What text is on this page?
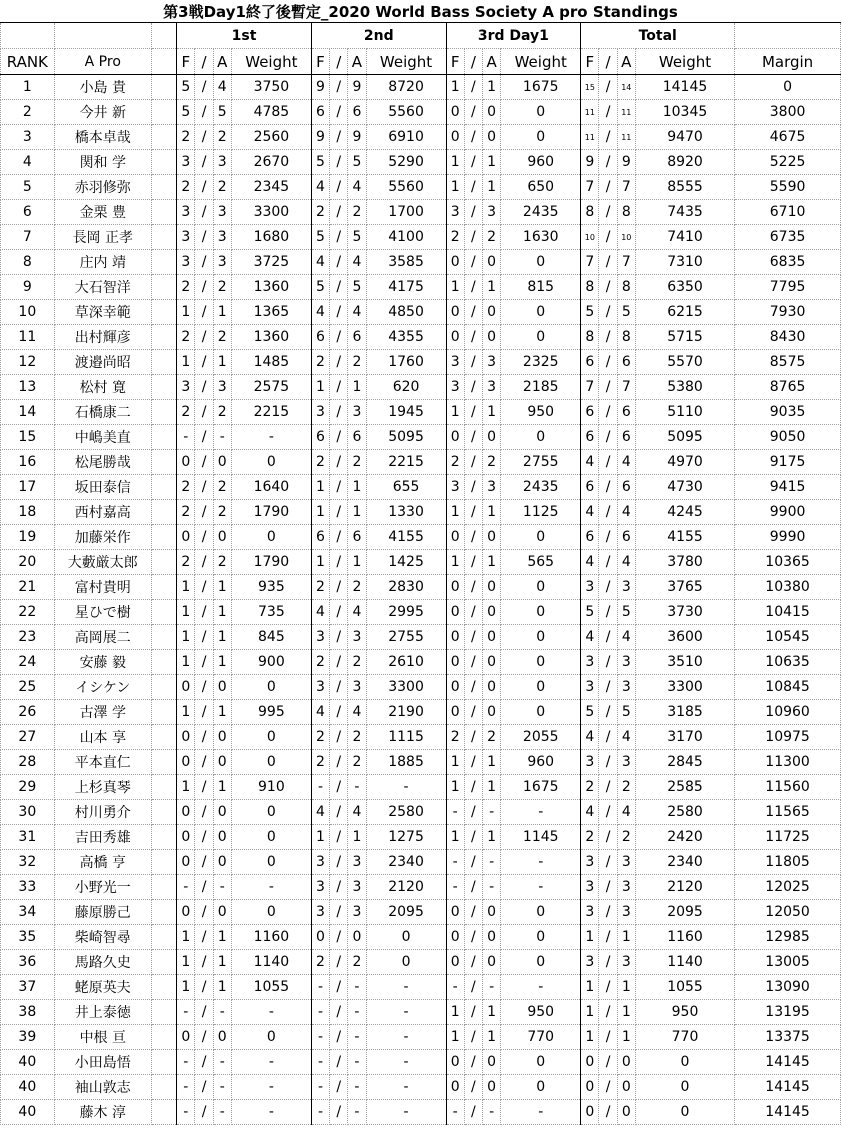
第3戦Day1終了後暫定_2020 World Bass Society A pro Standings																			
			1st				2nd				3rd Day1				Total				
RANK	A Pro		F	/	A	Weight	F	/	A	Weight	F	/	A	Weight	F	/	A	Weight	Margin
1	小島 貴		5	/	4	3750	9	/	9	8720	1	/	1	1675	15	/	14	14145	0
2	今井 新		5	/	5	4785	6	/	6	5560	0	/	0	0	11	/	11	10345	3800
3	橋本卓哉		2	/	2	2560	9	/	9	6910	0	/	0	0	11	/	11	9470	4675
4	関和 学		3	/	3	2670	5	/	5	5290	1	/	1	960	9	/	9	8920	5225
5	赤羽修弥		2	/	2	2345	4	/	4	5560	1	/	1	650	7	/	7	8555	5590
6	金栗 豊		3	/	3	3300	2	/	2	1700	3	/	3	2435	8	/	8	7435	6710
7	長岡 正孝		3	/	3	1680	5	/	5	4100	2	/	2	1630	10	/	10	7410	6735
8	庄内 靖		3	/	3	3725	4	/	4	3585	0	/	0	0	7	/	7	7310	6835
9	大石智洋		2	/	2	1360	5	/	5	4175	1	/	1	815	8	/	8	6350	7795
10	草深幸範		1	/	1	1365	4	/	4	4850	0	/	0	0	5	/	5	6215	7930
11	出村輝彦		2	/	2	1360	6	/	6	4355	0	/	0	0	8	/	8	5715	8430
12	渡邉尚昭		1	/	1	1485	2	/	2	1760	3	/	3	2325	6	/	6	5570	8575
13	松村 寛		3	/	3	2575	1	/	1	620	3	/	3	2185	7	/	7	5380	8765
14	石橋康二		2	/	2	2215	3	/	3	1945	1	/	1	950	6	/	6	5110	9035
15	中嶋美直		-	/	-	-	6	/	6	5095	0	/	0	0	6	/	6	5095	9050
16	松尾勝哉		0	/	0	0	2	/	2	2215	2	/	2	2755	4	/	4	4970	9175
17	坂田泰信		2	/	2	1640	1	/	1	655	3	/	3	2435	6	/	6	4730	9415
18	西村嘉高		2	/	2	1790	1	/	1	1330	1	/	1	1125	4	/	4	4245	9900
19	加藤栄作		0	/	0	0	6	/	6	4155	0	/	0	0	6	/	6	4155	9990
20	大藪厳太郎		2	/	2	1790	1	/	1	1425	1	/	1	565	4	/	4	3780	10365
21	富村貴明		1	/	1	935	2	/	2	2830	0	/	0	0	3	/	3	3765	10380
22	星ひで樹		1	/	1	735	4	/	4	2995	0	/	0	0	5	/	5	3730	10415
23	高岡展二		1	/	1	845	3	/	3	2755	0	/	0	0	4	/	4	3600	10545
24	安藤 毅		1	/	1	900	2	/	2	2610	0	/	0	0	3	/	3	3510	10635
25	イシケン		0	/	0	0	3	/	3	3300	0	/	0	0	3	/	3	3300	10845
26	古澤 学		1	/	1	995	4	/	4	2190	0	/	0	0	5	/	5	3185	10960
27	山本 享		0	/	0	0	2	/	2	1115	2	/	2	2055	4	/	4	3170	10975
28	平本直仁		0	/	0	0	2	/	2	1885	1	/	1	960	3	/	3	2845	11300
29	上杉真琴		1	/	1	910	-	/	-	-	1	/	1	1675	2	/	2	2585	11560
30	村川勇介		0	/	0	0	4	/	4	2580	-	/	-	-	4	/	4	2580	11565
31	吉田秀雄		0	/	0	0	1	/	1	1275	1	/	1	1145	2	/	2	2420	11725
32	高橋 亨		0	/	0	0	3	/	3	2340	-	/	-	-	3	/	3	2340	11805
33	小野光一		-	/	-	-	3	/	3	2120	-	/	-	-	3	/	3	2120	12025
34	藤原勝己		0	/	0	0	3	/	3	2095	0	/	0	0	3	/	3	2095	12050
35	柴崎智尋		1	/	1	1160	0	/	0	0	0	/	0	0	1	/	1	1160	12985
36	馬路久史		1	/	1	1140	2	/	2	0	0	/	0	0	3	/	3	1140	13005
37	蛯原英夫		1	/	1	1055	-	/	-	-	-	/	-	-	1	/	1	1055	13090
38	井上泰徳		-	/	-	-	-	/	-	-	1	/	1	950	1	/	1	950	13195
39	中根 亘		0	/	0	0	-	/	-	-	1	/	1	770	1	/	1	770	13375
40	小田島悟		-	/	-	-	-	/	-	-	0	/	0	0	0	/	0	0	14145
40	袖山敦志		-	/	-	-	-	/	-	-	0	/	0	0	0	/	0	0	14145
40	藤木 淳		-	/	-	-	-	/	-	-	-	/	-	-	0	/	0	0	14145
